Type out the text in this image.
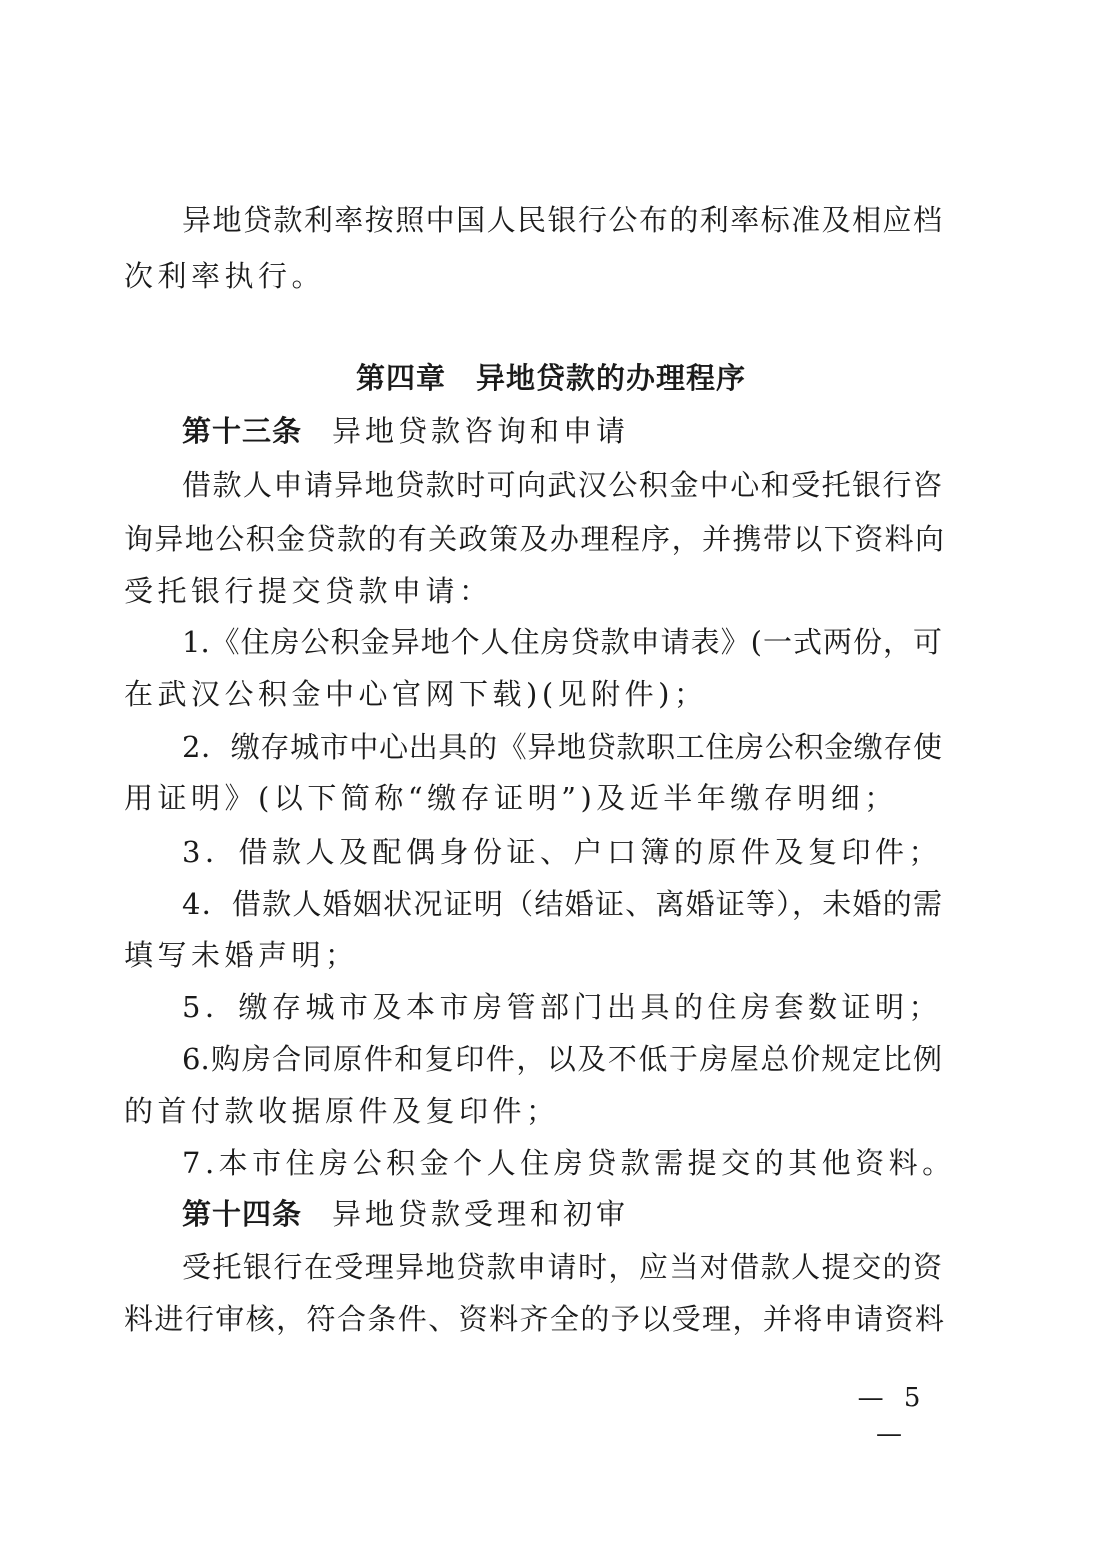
异地贷款利率按照中国人民银行公布的利率标准及相应档
次利率执行。
第四章　异地贷款的办理程序
第十三条 异地贷款咨询和申请
借款人申请异地贷款时可向武汉公积金中心和受托银行咨
询异地公积金贷款的有关政策及办理程序，并携带以下资料向
受托银行提交贷款申请：
1.《住房公积金异地个人住房贷款申请表》(一式两份，可
在武汉公积金中心官网下载)(见附件)；
2．缴存城市中心出具的《异地贷款职工住房公积金缴存使
用证明》(以下简称“缴存证明”)及近半年缴存明细；
3．借款人及配偶身份证、户口簿的原件及复印件；
4．借款人婚姻状况证明（结婚证、离婚证等），未婚的需
填写未婚声明；
5．缴存城市及本市房管部门出具的住房套数证明；
6.购房合同原件和复印件，以及不低于房屋总价规定比例
的首付款收据原件及复印件；
7.本市住房公积金个人住房贷款需提交的其他资料。
第十四条 异地贷款受理和初审
受托银行在受理异地贷款申请时，应当对借款人提交的资
料进行审核，符合条件、资料齐全的予以受理，并将申请资料
— 5 —
